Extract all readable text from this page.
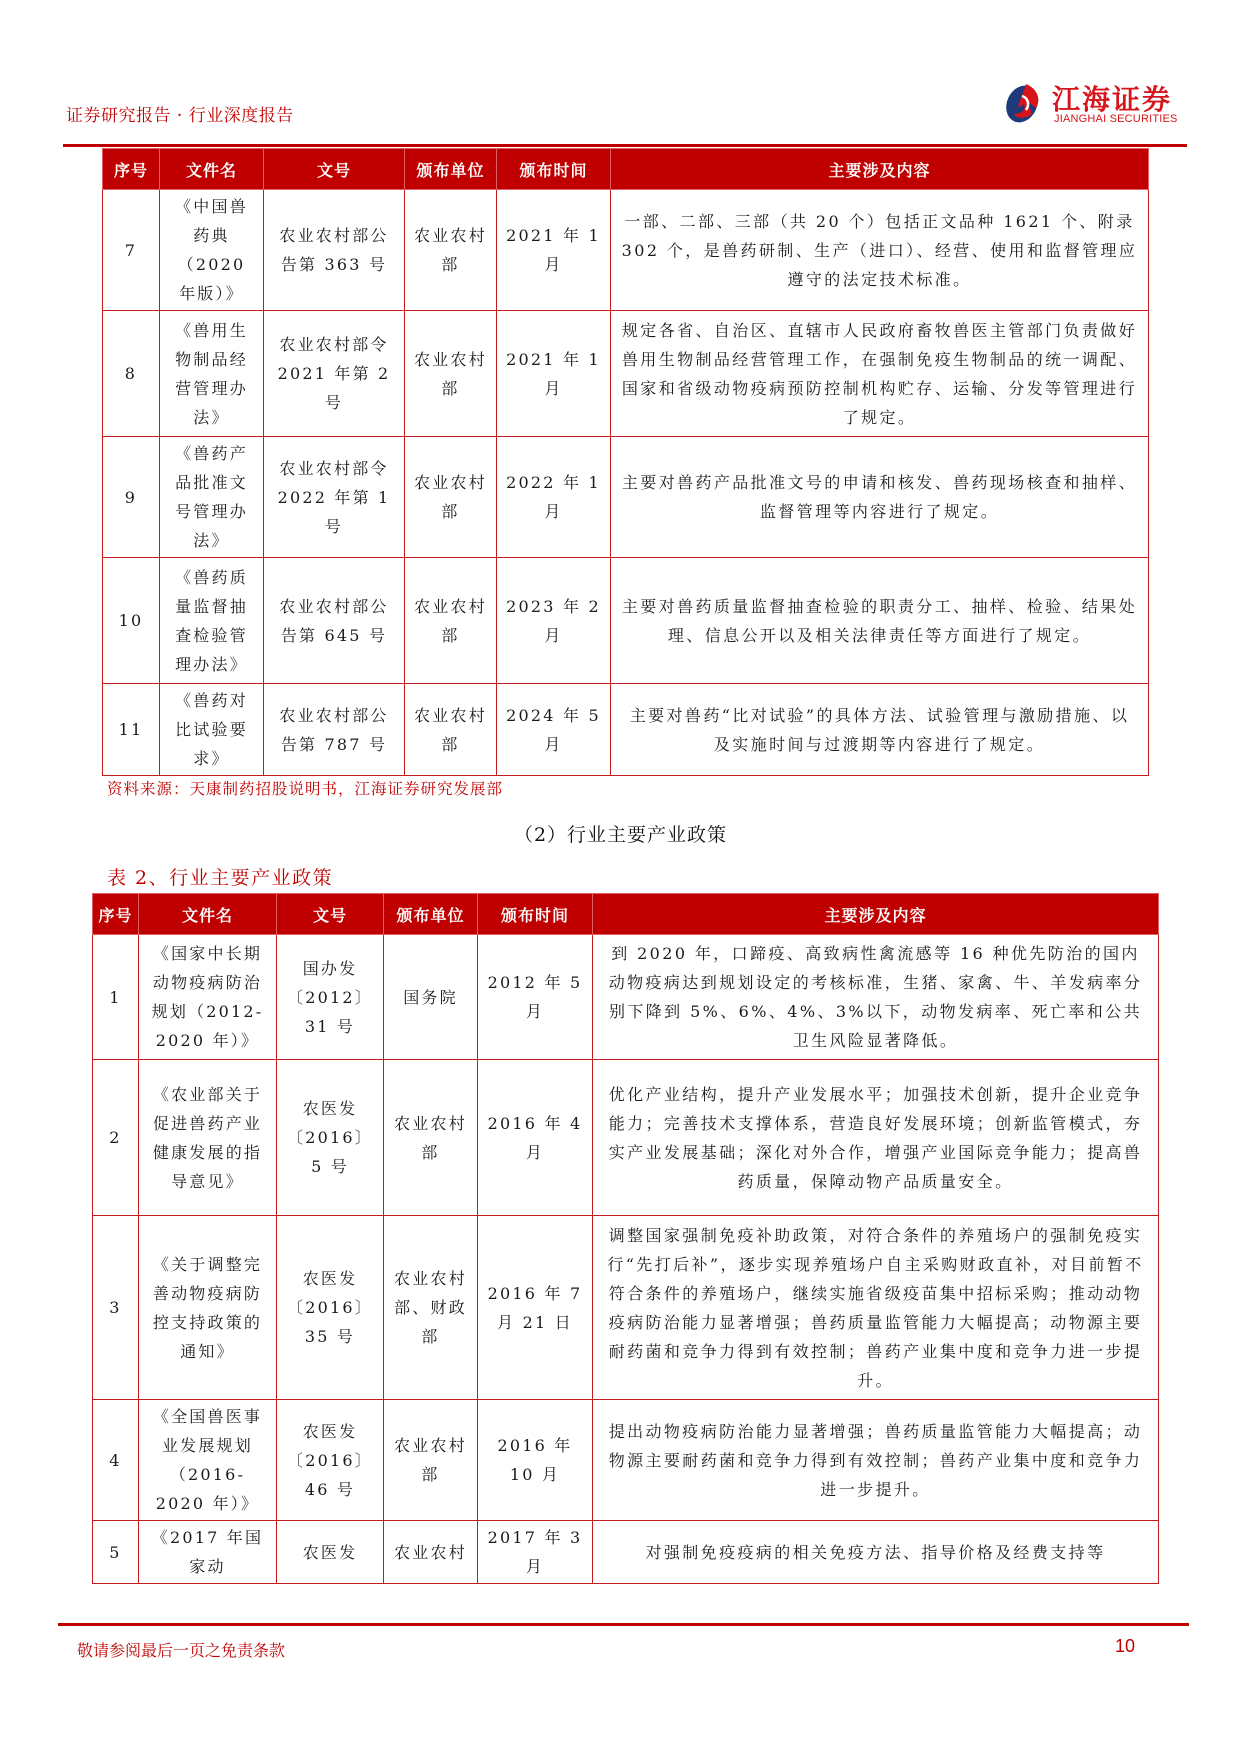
证券研究报告 · 行业深度报告	江海证券
JIANGHAI SECURITIES
序号	文件名	文号	颁布单位	颁布时间	主要涉及内容
7	《中国兽药典（2020 年版）》	农业农村部公告第 363 号	农业农村部	2021 年 1 月	一部、二部、三部（共 20 个）包括正文品种 1621 个、附录 302 个，是兽药研制、生产（进口）、经营、使用和监督管理应遵守的法定技术标准。
8	《兽用生物制品经营管理办法》	农业农村部令 2021 年第 2 号	农业农村部	2021 年 1 月	规定各省、自治区、直辖市人民政府畜牧兽医主管部门负责做好兽用生物制品经营管理工作，在强制免疫生物制品的统一调配、国家和省级动物疫病预防控制机构贮存、运输、分发等管理进行了规定。
9	《兽药产品批准文号管理办法》	农业农村部令 2022 年第 1 号	农业农村部	2022 年 1 月	主要对兽药产品批准文号的申请和核发、兽药现场核查和抽样、监督管理等内容进行了规定。
10	《兽药质量监督抽查检验管理办法》	农业农村部公告第 645 号	农业农村部	2023 年 2 月	主要对兽药质量监督抽查检验的职责分工、抽样、检验、结果处理、信息公开以及相关法律责任等方面进行了规定。
11	《兽药对比试验要求》	农业农村部公告第 787 号	农业农村部	2024 年 5 月	主要对兽药“比对试验”的具体方法、试验管理与激励措施、以及实施时间与过渡期等内容进行了规定。
资料来源：天康制药招股说明书，江海证券研究发展部
（2）行业主要产业政策
表 2、行业主要产业政策
序号	文件名	文号	颁布单位	颁布时间	主要涉及内容
1	《国家中长期动物疫病防治规划（2012-2020 年）》	国办发〔2012〕31 号	国务院	2012 年 5 月	到 2020 年，口蹄疫、高致病性禽流感等 16 种优先防治的国内动物疫病达到规划设定的考核标准，生猪、家禽、牛、羊发病率分别下降到 5%、6%、4%、3%以下，动物发病率、死亡率和公共卫生风险显著降低。
2	《农业部关于促进兽药产业健康发展的指导意见》	农医发〔2016〕5 号	农业农村部	2016 年 4 月	优化产业结构，提升产业发展水平；加强技术创新，提升企业竞争能力；完善技术支撑体系，营造良好发展环境；创新监管模式，夯实产业发展基础；深化对外合作，增强产业国际竞争能力；提高兽药质量，保障动物产品质量安全。
3	《关于调整完善动物疫病防控支持政策的通知》	农医发〔2016〕35 号	农业农村部、财政部	2016 年 7 月 21 日	调整国家强制免疫补助政策，对符合条件的养殖场户的强制免疫实行“先打后补”，逐步实现养殖场户自主采购财政直补，对目前暂不符合条件的养殖场户，继续实施省级疫苗集中招标采购；推动动物疫病防治能力显著增强；兽药质量监管能力大幅提高；动物源主要耐药菌和竞争力得到有效控制；兽药产业集中度和竞争力进一步提升。
4	《全国兽医事业发展规划（2016-2020 年）》	农医发〔2016〕46 号	农业农村部	2016 年 10 月	提出动物疫病防治能力显著增强；兽药质量监管能力大幅提高；动物源主要耐药菌和竞争力得到有效控制；兽药产业集中度和竞争力进一步提升。
5	《2017 年国家动	农医发	农业农村	2017 年 3 月	对强制免疫疫病的相关免疫方法、指导价格及经费支持等
敬请参阅最后一页之免责条款	10
